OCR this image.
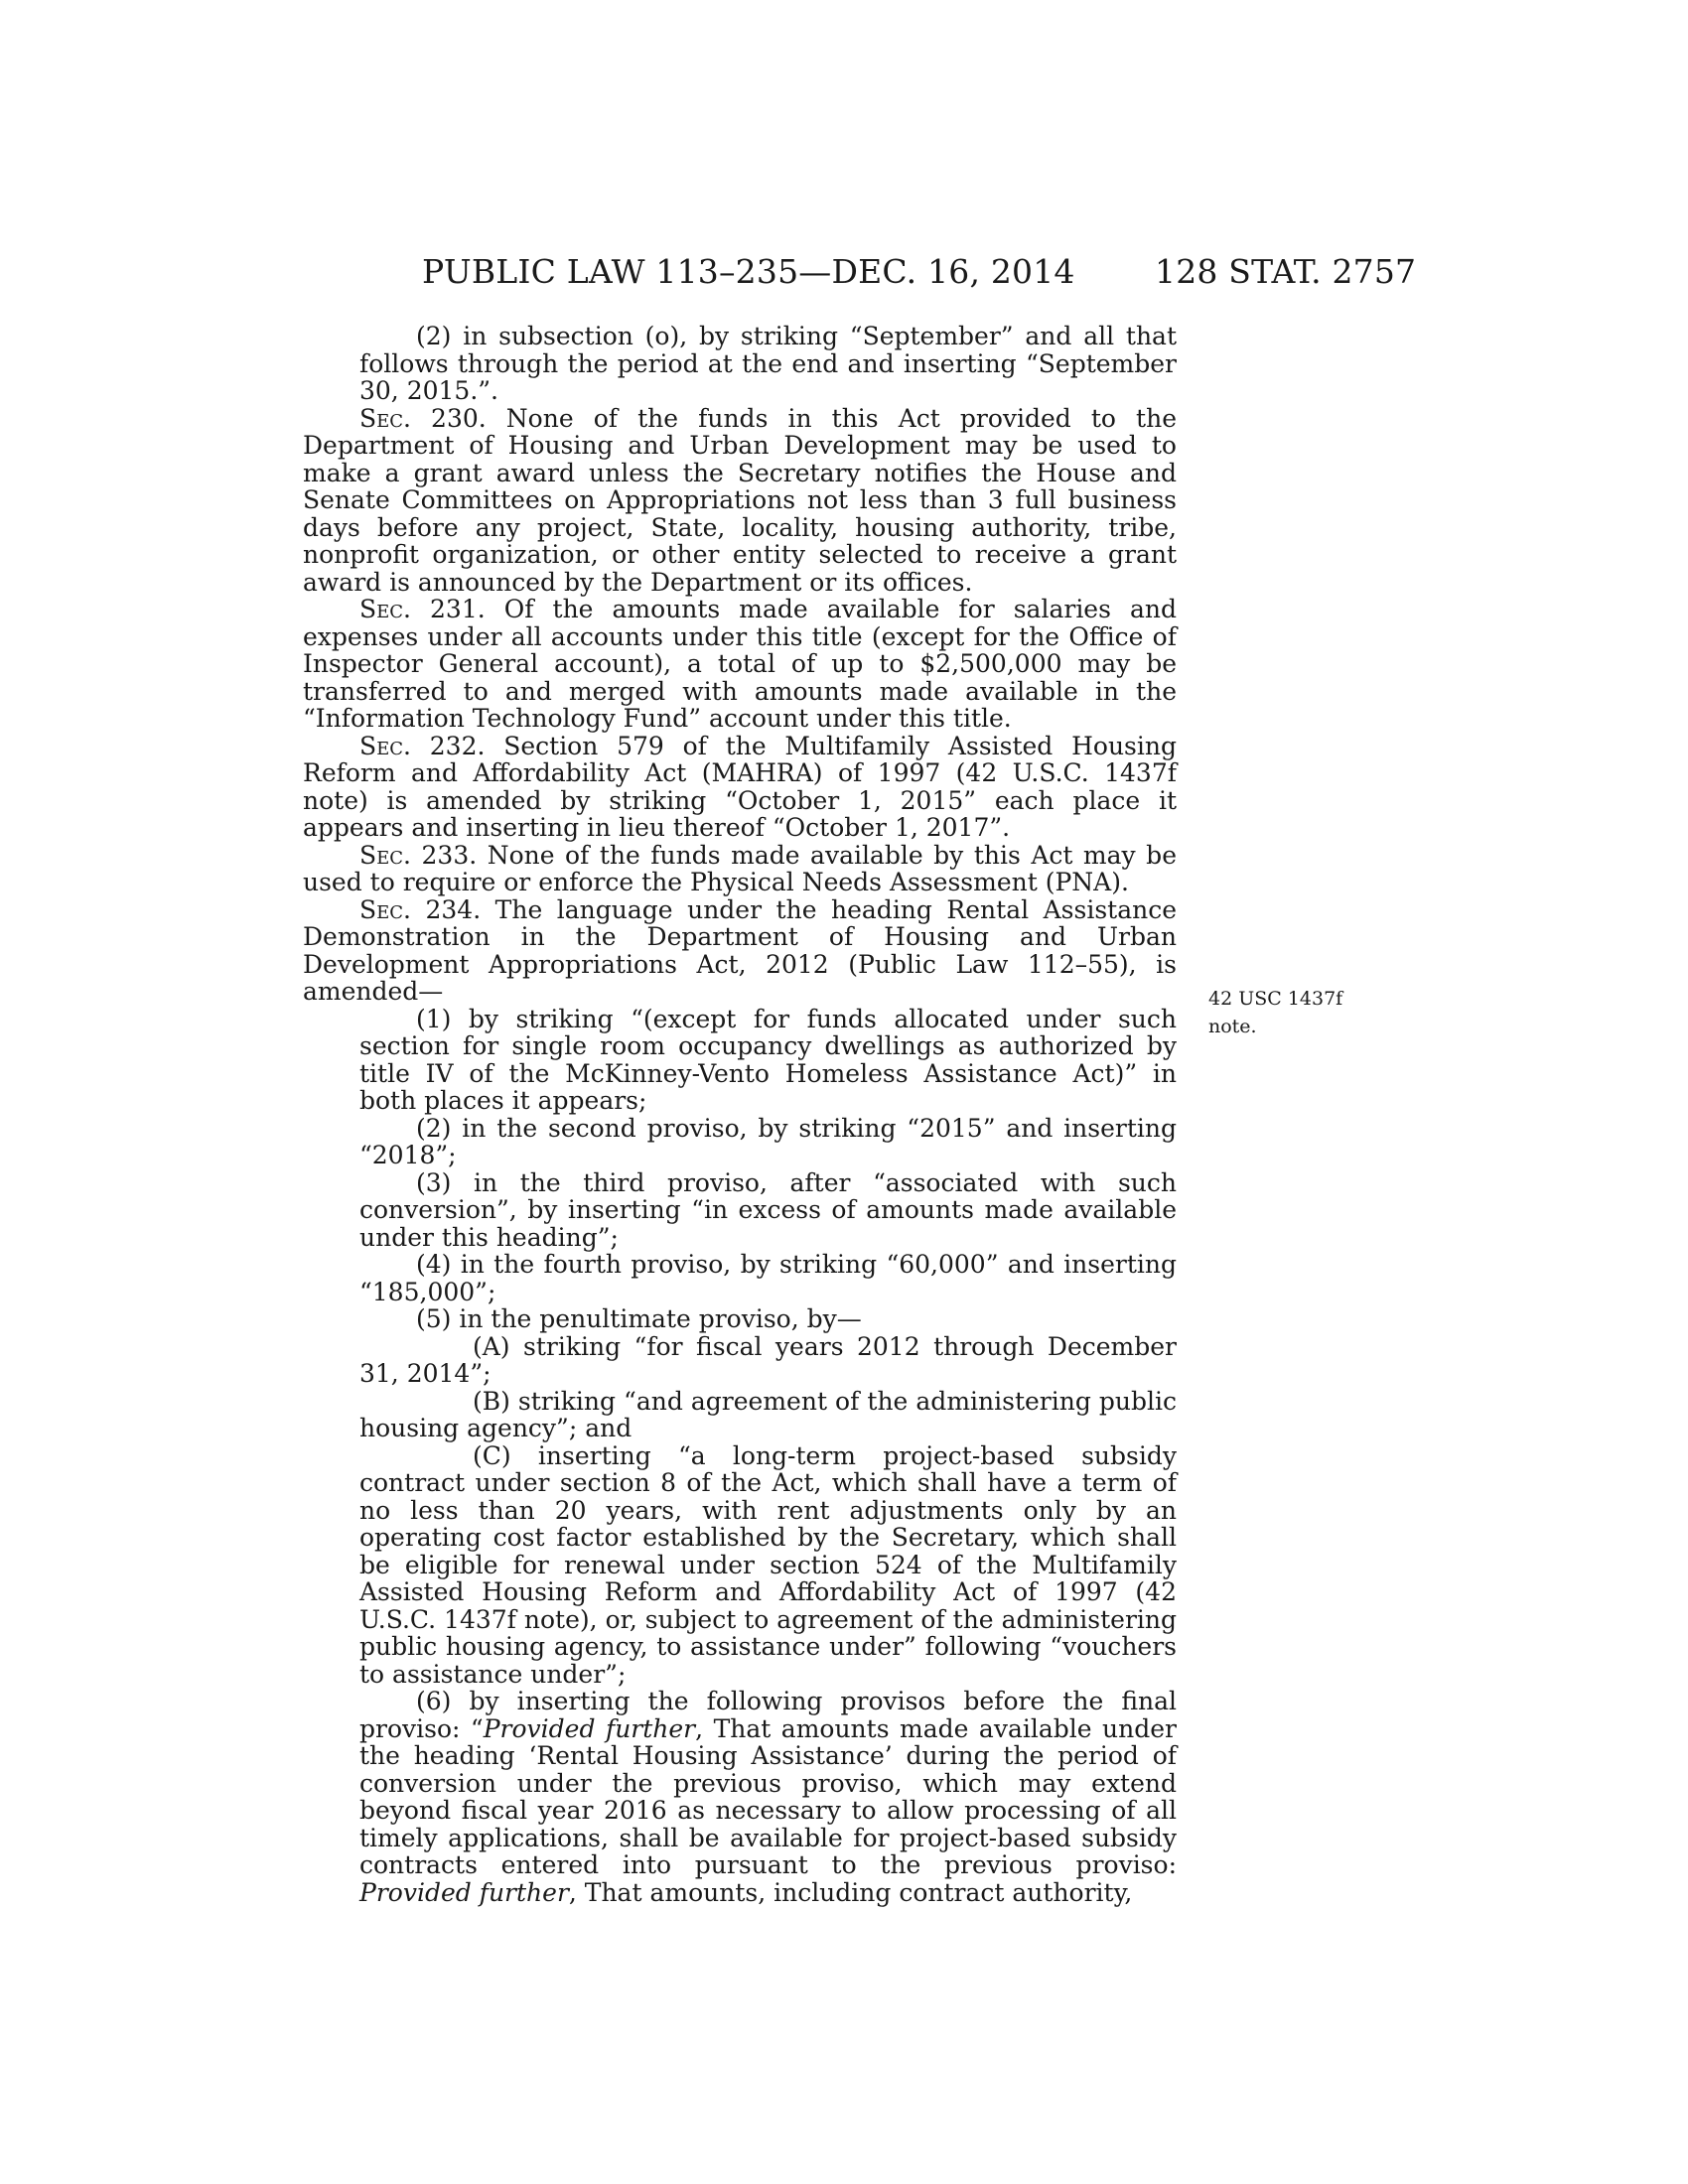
PUBLIC LAW 113–235—DEC. 16, 2014 128 STAT. 2757

(2) in subsection (o), by striking “September” and all that follows through the period at the end and inserting “September 30, 2015.”.

Sec. 230. None of the funds in this Act provided to the Department of Housing and Urban Development may be used to make a grant award unless the Secretary notifies the House and Senate Committees on Appropriations not less than 3 full business days before any project, State, locality, housing authority, tribe, nonprofit organization, or other entity selected to receive a grant award is announced by the Department or its offices.

Sec. 231. Of the amounts made available for salaries and expenses under all accounts under this title (except for the Office of Inspector General account), a total of up to $2,500,000 may be transferred to and merged with amounts made available in the “Information Technology Fund” account under this title.

Sec. 232. Section 579 of the Multifamily Assisted Housing Reform and Affordability Act (MAHRA) of 1997 (42 U.S.C. 1437f note) is amended by striking “October 1, 2015” each place it appears and inserting in lieu thereof “October 1, 2017”.

Sec. 233. None of the funds made available by this Act may be used to require or enforce the Physical Needs Assessment (PNA).

Sec. 234. The language under the heading Rental Assistance Demonstration in the Department of Housing and Urban Development Appropriations Act, 2012 (Public Law 112–55), is amended—

(1) by striking “(except for funds allocated under such section for single room occupancy dwellings as authorized by title IV of the McKinney-Vento Homeless Assistance Act)” in both places it appears;

(2) in the second proviso, by striking “2015” and inserting “2018”;

(3) in the third proviso, after “associated with such conversion”, by inserting “in excess of amounts made available under this heading”;

(4) in the fourth proviso, by striking “60,000” and inserting “185,000”;

(5) in the penultimate proviso, by—

(A) striking “for fiscal years 2012 through December 31, 2014”;

(B) striking “and agreement of the administering public housing agency”; and

(C) inserting “a long-term project-based subsidy contract under section 8 of the Act, which shall have a term of no less than 20 years, with rent adjustments only by an operating cost factor established by the Secretary, which shall be eligible for renewal under section 524 of the Multifamily Assisted Housing Reform and Affordability Act of 1997 (42 U.S.C. 1437f note), or, subject to agreement of the administering public housing agency, to assistance under” following “vouchers to assistance under”;

(6) by inserting the following provisos before the final proviso: “Provided further, That amounts made available under the heading ‘Rental Housing Assistance’ during the period of conversion under the previous proviso, which may extend beyond fiscal year 2016 as necessary to allow processing of all timely applications, shall be available for project-based subsidy contracts entered into pursuant to the previous proviso: Provided further, That amounts, including contract authority,

42 USC 1437f
note.
